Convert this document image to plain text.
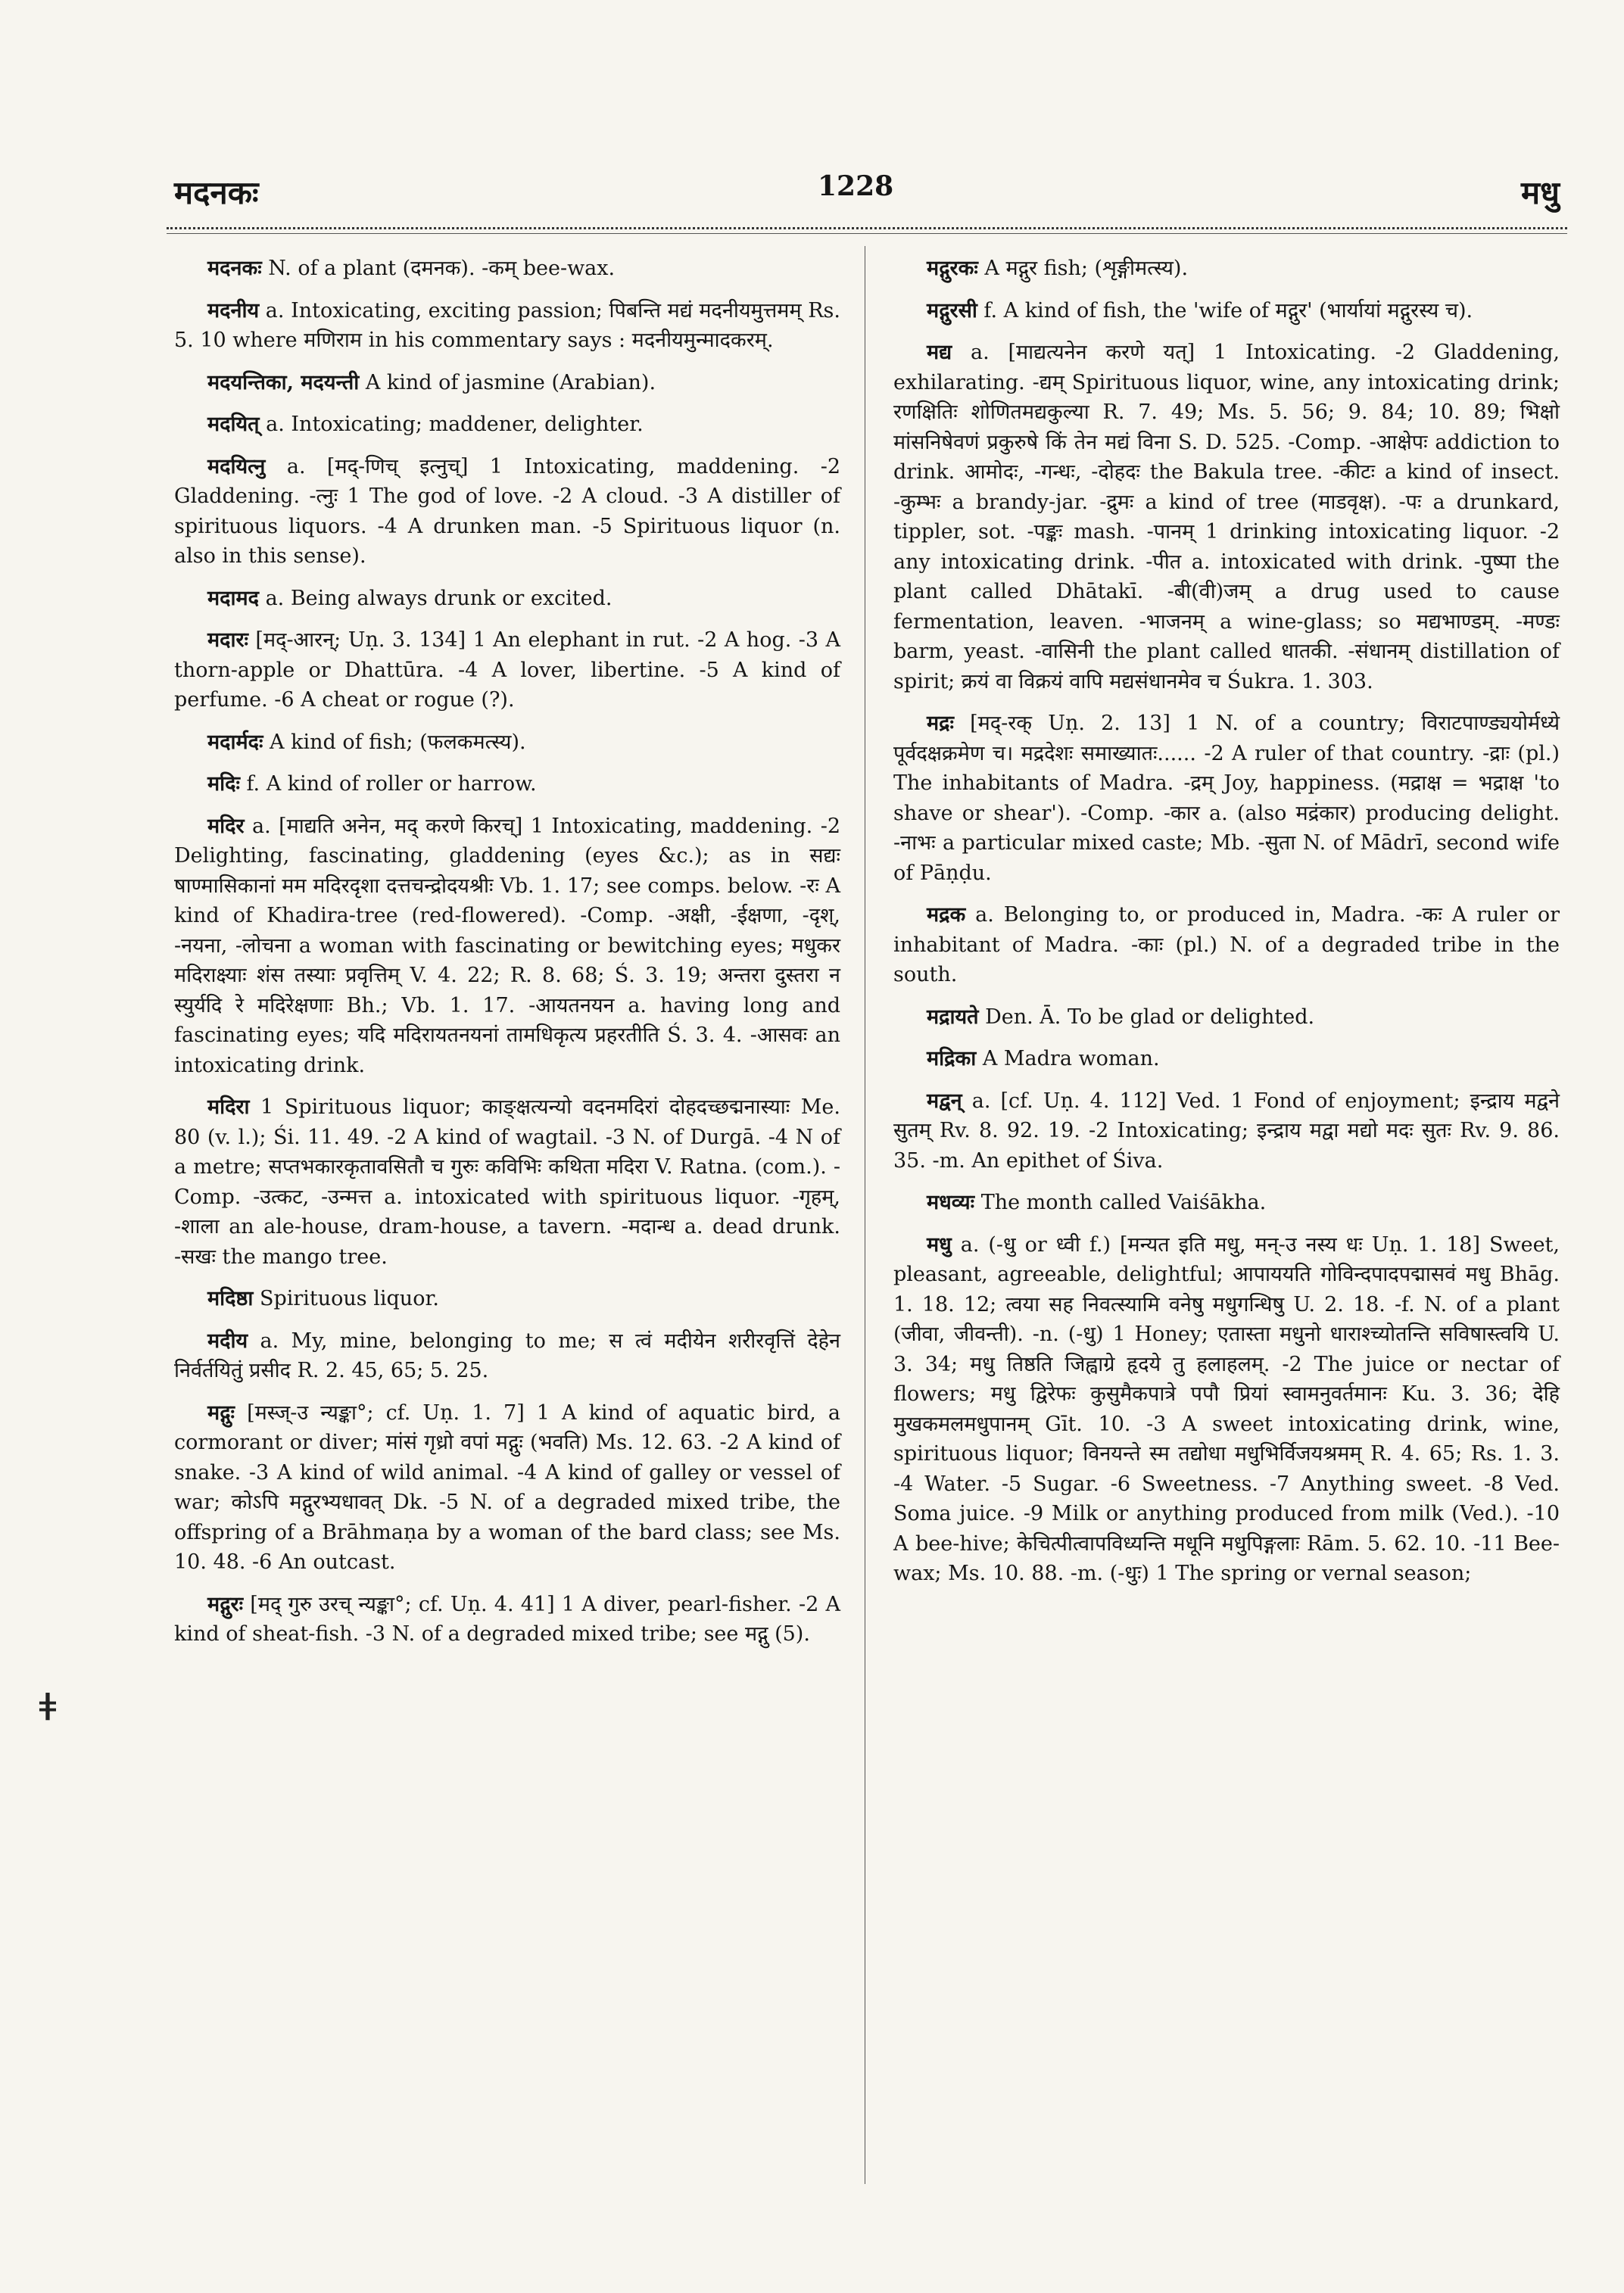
मदनकः	1228	मधु
ǂ

मदनकः N. of a plant (दमनक). -कम् bee-wax.

मदनीय a. Intoxicating, exciting passion; पिबन्ति मद्यं मदनीयमुत्तमम् Rs. 5. 10 where मणिराम in his commentary says : मदनीयमुन्मादकरम्.

मदयन्तिका, मदयन्ती A kind of jasmine (Arabian).

मदयित् a. Intoxicating; maddener, delighter.

मदयित्नु a. [मद्-णिच् इत्नुच्] 1 Intoxicating, maddening. -2 Gladdening. -त्नुः 1 The god of love. -2 A cloud. -3 A distiller of spirituous liquors. -4 A drunken man. -5 Spirituous liquor (n. also in this sense).

मदामद a. Being always drunk or excited.

मदारः [मद्-आरन्; Uṇ. 3. 134] 1 An elephant in rut. -2 A hog. -3 A thorn-apple or Dhattūra. -4 A lover, libertine. -5 A kind of perfume. -6 A cheat or rogue (?).

मदार्मदः A kind of fish; (फलकमत्स्य).

मदिः f. A kind of roller or harrow.

मदिर a. [माद्यति अनेन, मद् करणे किरच्] 1 Intoxicating, maddening. -2 Delighting, fascinating, gladdening (eyes &c.); as in सद्यः षाण्मासिकानां मम मदिरदृशा दत्तचन्द्रोदयश्रीः Vb. 1. 17; see comps. below. -रः A kind of Khadira-tree (red-flowered). -Comp. -अक्षी, -ईक्षणा, -दृश्, -नयना, -लोचना a woman with fascinating or bewitching eyes; मधुकर मदिराक्ष्याः शंस तस्याः प्रवृत्तिम् V. 4. 22; R. 8. 68; Ś. 3. 19; अन्तरा दुस्तरा न स्युर्यदि रे मदिरेक्षणाः Bh.; Vb. 1. 17. -आयतनयन a. having long and fascinating eyes; यदि मदिरायतनयनां तामधिकृत्य प्रहरतीति Ś. 3. 4. -आसवः an intoxicating drink.

मदिरा 1 Spirituous liquor; काङ्क्षत्यन्यो वदनमदिरां दोहदच्छद्मनास्याः Me. 80 (v. l.); Śi. 11. 49. -2 A kind of wagtail. -3 N. of Durgā. -4 N of a metre; सप्तभकारकृतावसितौ च गुरुः कविभिः कथिता मदिरा V. Ratna. (com.). -Comp. -उत्कट, -उन्मत्त a. intoxicated with spirituous liquor. -गृहम्, -शाला an ale-house, dram-house, a tavern. -मदान्ध a. dead drunk. -सखः the mango tree.

मदिष्ठा Spirituous liquor.

मदीय a. My, mine, belonging to me; स त्वं मदीयेन शरीरवृत्तिं देहेन निर्वर्तयितुं प्रसीद R. 2. 45, 65; 5. 25.

मद्गुः [मस्ज्-उ न्यङ्का°; cf. Uṇ. 1. 7] 1 A kind of aquatic bird, a cormorant or diver; मांसं गृध्रो वपां मद्गुः (भवति) Ms. 12. 63. -2 A kind of snake. -3 A kind of wild animal. -4 A kind of galley or vessel of war; कोऽपि मद्गुरभ्यधावत् Dk. -5 N. of a degraded mixed tribe, the offspring of a Brāhmaṇa by a woman of the bard class; see Ms. 10. 48. -6 An outcast.

मद्गुरः [मद् गुरु उरच् न्यङ्का°; cf. Uṇ. 4. 41] 1 A diver, pearl-fisher. -2 A kind of sheat-fish. -3 N. of a degraded mixed tribe; see मद्गु (5).

मद्गुरकः A मद्गुर fish; (शृङ्गीमत्स्य).

मद्गुरसी f. A kind of fish, the 'wife of मद्गुर' (भार्यायां मद्गुरस्य च).

मद्य a. [माद्यत्यनेन करणे यत्] 1 Intoxicating. -2 Gladdening, exhilarating. -द्यम् Spirituous liquor, wine, any intoxicating drink; रणक्षितिः शोणितमद्यकुल्या R. 7. 49; Ms. 5. 56; 9. 84; 10. 89; भिक्षो मांसनिषेवणं प्रकुरुषे किं तेन मद्यं विना S. D. 525. -Comp. -आक्षेपः addiction to drink. आमोदः, -गन्धः, -दोहदः the Bakula tree. -कीटः a kind of insect. -कुम्भः a brandy-jar. -द्रुमः a kind of tree (माडवृक्ष). -पः a drunkard, tippler, sot. -पङ्कः mash. -पानम् 1 drinking intoxicating liquor. -2 any intoxicating drink. -पीत a. intoxicated with drink. -पुष्पा the plant called Dhātakī. -बी(वी)जम् a drug used to cause fermentation, leaven. -भाजनम् a wine-glass; so मद्यभाण्डम्. -मण्डः barm, yeast. -वासिनी the plant called धातकी. -संधानम् distillation of spirit; क्रयं वा विक्रयं वापि मद्यसंधानमेव च Śukra. 1. 303.

मद्रः [मद्-रक् Uṇ. 2. 13] 1 N. of a country; विराटपाण्ड्ययोर्मध्ये पूर्वदक्षक्रमेण च। मद्रदेशः समाख्यातः...... -2 A ruler of that country. -द्राः (pl.) The inhabitants of Madra. -द्रम् Joy, happiness. (मद्राक्ष = भद्राक्ष 'to shave or shear'). -Comp. -कार a. (also मद्रंकार) producing delight. -नाभः a particular mixed caste; Mb. -सुता N. of Mādrī, second wife of Pāṇḍu.

मद्रक a. Belonging to, or produced in, Madra. -कः A ruler or inhabitant of Madra. -काः (pl.) N. of a degraded tribe in the south.

मद्रायते Den. Ā. To be glad or delighted.

मद्रिका A Madra woman.

मद्वन् a. [cf. Uṇ. 4. 112] Ved. 1 Fond of enjoyment; इन्द्राय मद्वने सुतम् Rv. 8. 92. 19. -2 Intoxicating; इन्द्राय मद्वा मद्यो मदः सुतः Rv. 9. 86. 35. -m. An epithet of Śiva.

मधव्यः The month called Vaiśākha.

मधु a. (-धु or ध्वी f.) [मन्यत इति मधु, मन्-उ नस्य धः Uṇ. 1. 18] Sweet, pleasant, agreeable, delightful; आपाययति गोविन्दपादपद्मासवं मधु Bhāg. 1. 18. 12; त्वया सह निवत्स्यामि वनेषु मधुगन्धिषु U. 2. 18. -f. N. of a plant (जीवा, जीवन्ती). -n. (-धु) 1 Honey; एतास्ता मधुनो धाराश्च्योतन्ति सविषास्त्वयि U. 3. 34; मधु तिष्ठति जिह्वाग्रे हृदये तु हलाहलम्. -2 The juice or nectar of flowers; मधु द्विरेफः कुसुमैकपात्रे पपौ प्रियां स्वामनुवर्तमानः Ku. 3. 36; देहि मुखकमलमधुपानम् Gīt. 10. -3 A sweet intoxicating drink, wine, spirituous liquor; विनयन्ते स्म तद्योधा मधुभिर्विजयश्रमम् R. 4. 65; Rs. 1. 3. -4 Water. -5 Sugar. -6 Sweetness. -7 Anything sweet. -8 Ved. Soma juice. -9 Milk or anything produced from milk (Ved.). -10 A bee-hive; केचित्पीत्वापविध्यन्ति मधूनि मधुपिङ्गलाः Rām. 5. 62. 10. -11 Bee-wax; Ms. 10. 88. -m. (-धुः) 1 The spring or vernal season;
